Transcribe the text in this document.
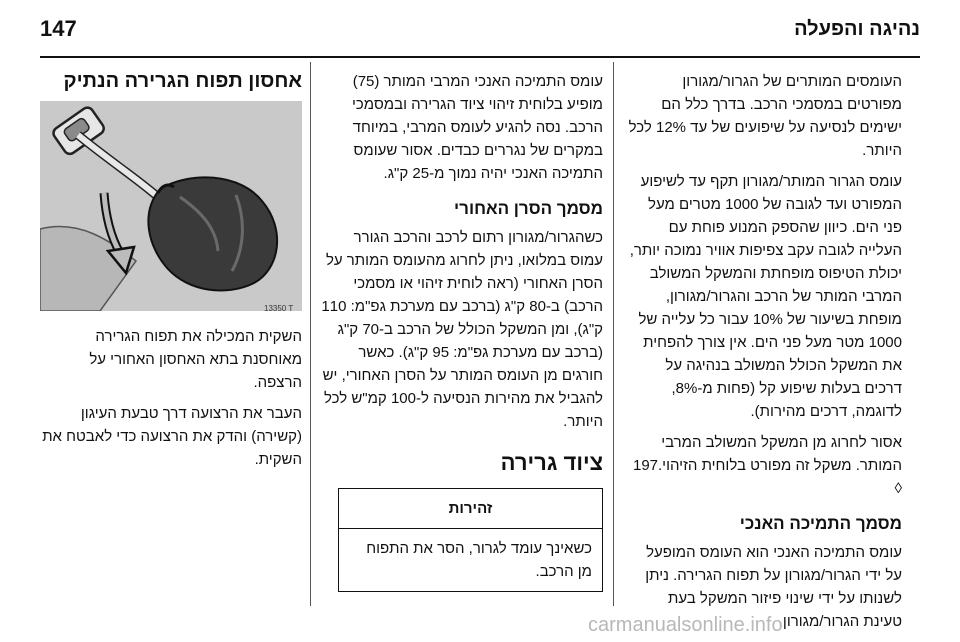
147	נהיגה והפעלה

העומסים המותרים של הגרור/מגורון מפורטים במסמכי הרכב. בדרך כלל הם ישימים לנסיעה על שיפועים של עד 12% לכל היותר.

עומס הגרור המותר/מגורון תקף עד לשיפוע המפורט ועד לגובה של 1000 מטרים מעל פני הים. כיוון שהספק המנוע פוחת עם העלייה לגובה עקב צפיפות אוויר נמוכה יותר, יכולת הטיפוס מופחתת והמשקל המשולב המרבי המותר של הרכב והגרור/מגורון, מופחת בשיעור של 10% עבור כל עלייה של 1000 מטר מעל פני הים. אין צורך להפחית את המשקל הכולל המשולב בנהיגה על דרכים בעלות שיפוע קל (פחות מ-8%, לדוגמה, דרכים מהירות).

אסור לחרוג מן המשקל המשולב המרבי המותר. משקל זה מפורט בלוחית הזיהוי.197 ◊

מסמך התמיכה האנכי

עומס התמיכה האנכי הוא העומס המופעל על ידי הגרור/מגורון על תפוח הגרירה. ניתן לשנותו על ידי שינוי פיזור המשקל בעת טעינת הגרור/מגורון.

עומס התמיכה האנכי המרבי המותר (75) מופיע בלוחית זיהוי ציוד הגרירה ובמסמכי הרכב. נסה להגיע לעומס המרבי, במיוחד במקרים של נגררים כבדים. אסור שעומס התמיכה האנכי יהיה נמוך מ-25 ק"ג.

מסמך הסרן האחורי

כשהגרור/מגורון רתום לרכב והרכב הגורר עמוס במלואו, ניתן לחרוג מהעומס המותר על הסרן האחורי (ראה לוחית זיהוי או מסמכי הרכב) ב-80 ק"ג (ברכב עם מערכת גפ"מ: 110 ק"ג), ומן המשקל הכולל של הרכב ב-70 ק"ג (ברכב עם מערכת גפ"מ: 95 ק"ג). כאשר חורגים מן העומס המותר על הסרן האחורי, יש להגביל את מהירות הנסיעה ל-100 קמ"ש לכל היותר.

ציוד גרירה
זהירות
כשאינך עומד לגרור, הסר את התפוח מן הרכב.
אחסון תפוח הגרירה הנתיק
13350 T

השקית המכילה את תפוח הגרירה מאוחסנת בתא האחסון האחורי על הרצפה.

העבר את הרצועה דרך טבעת העיגון (קשירה) והדק את הרצועה כדי לאבטח את השקית.

carmanualsonline.info
